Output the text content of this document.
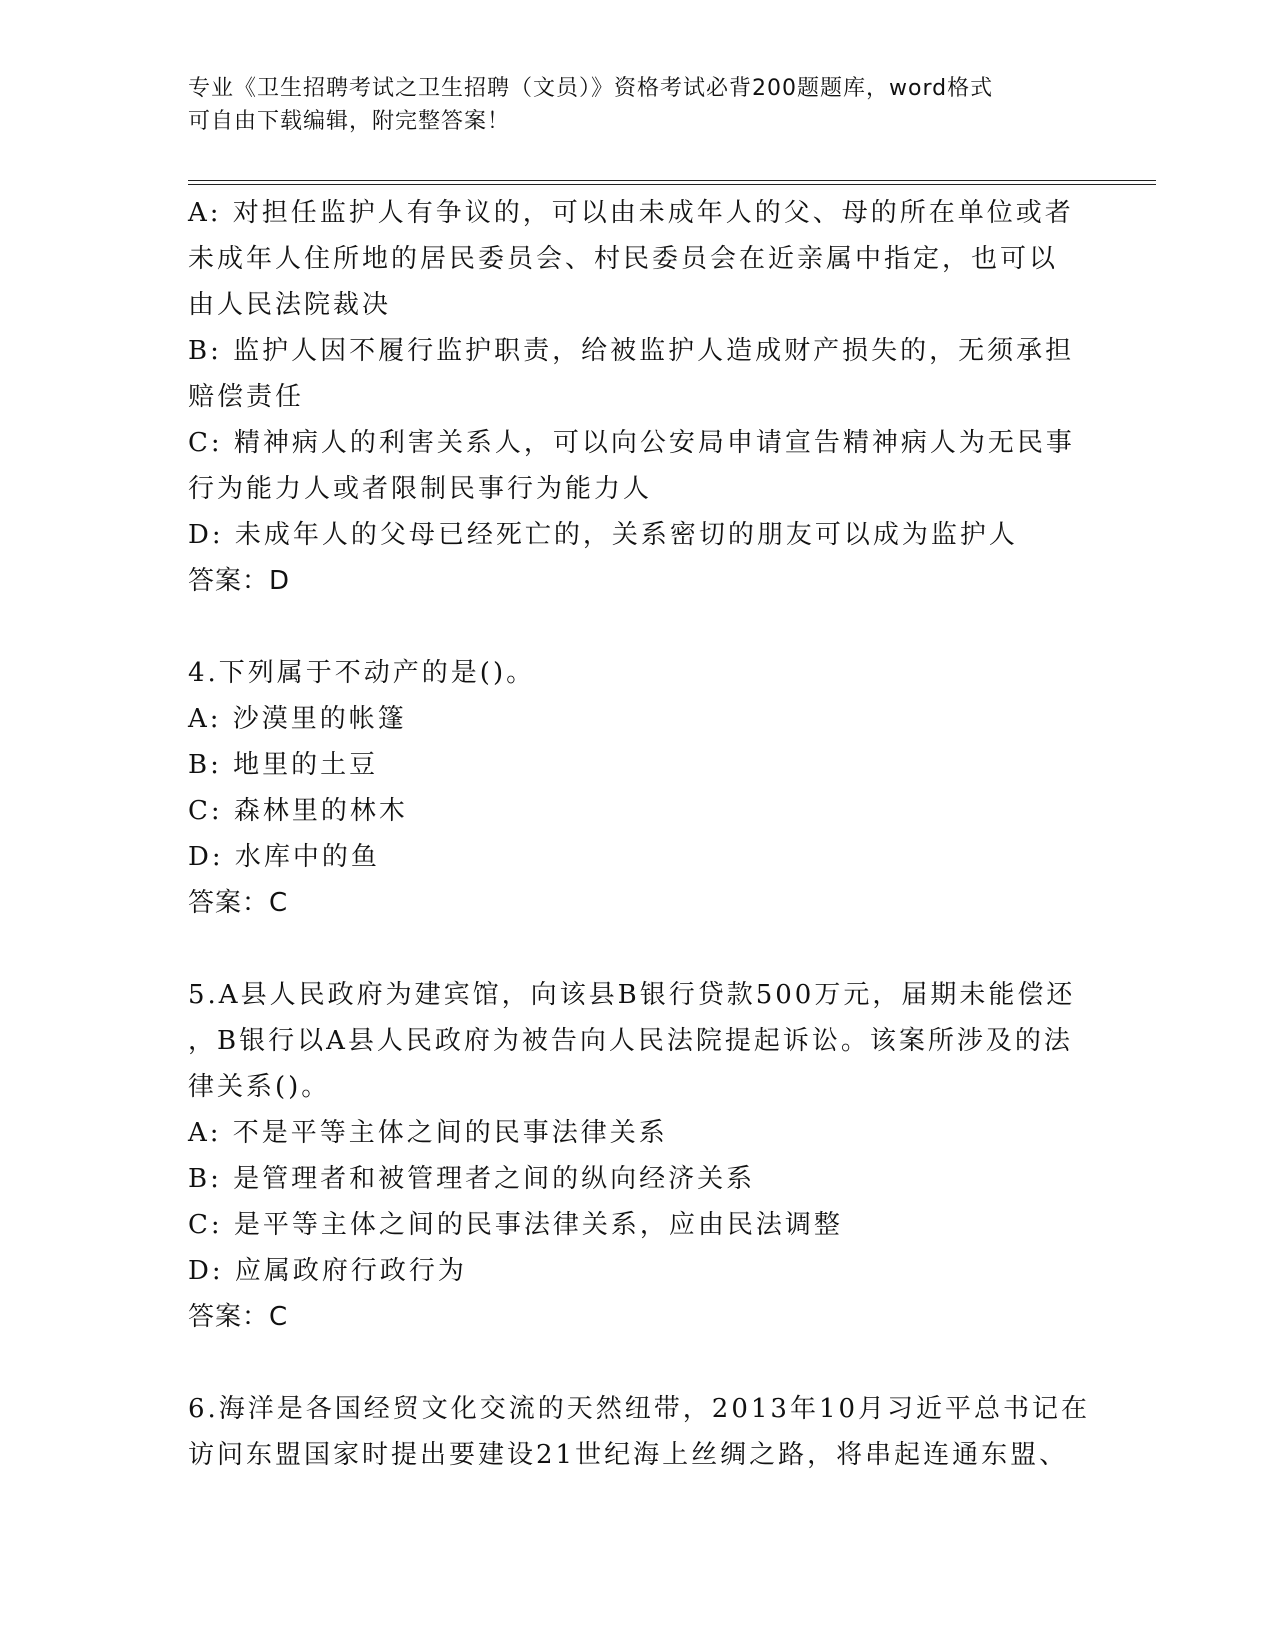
专业《卫生招聘考试之卫生招聘（文员）》资格考试必背200题题库，word格式
可自由下载编辑，附完整答案！
A: 对担任监护人有争议的，可以由未成年人的父、母的所在单位或者
未成年人住所地的居民委员会、村民委员会在近亲属中指定，也可以
由人民法院裁决
B: 监护人因不履行监护职责，给被监护人造成财产损失的，无须承担
赔偿责任
C: 精神病人的利害关系人，可以向公安局申请宣告精神病人为无民事
行为能力人或者限制民事行为能力人
D: 未成年人的父母已经死亡的，关系密切的朋友可以成为监护人
答案：D
4.下列属于不动产的是()。
A: 沙漠里的帐篷
B: 地里的土豆
C: 森林里的林木
D: 水库中的鱼
答案：C
5.A县人民政府为建宾馆，向该县B银行贷款500万元，届期未能偿还
，B银行以A县人民政府为被告向人民法院提起诉讼。该案所涉及的法
律关系()。
A: 不是平等主体之间的民事法律关系
B: 是管理者和被管理者之间的纵向经济关系
C: 是平等主体之间的民事法律关系，应由民法调整
D: 应属政府行政行为
答案：C
6.海洋是各国经贸文化交流的天然纽带，2013年10月习近平总书记在
访问东盟国家时提出要建设21世纪海上丝绸之路，将串起连通东盟、
